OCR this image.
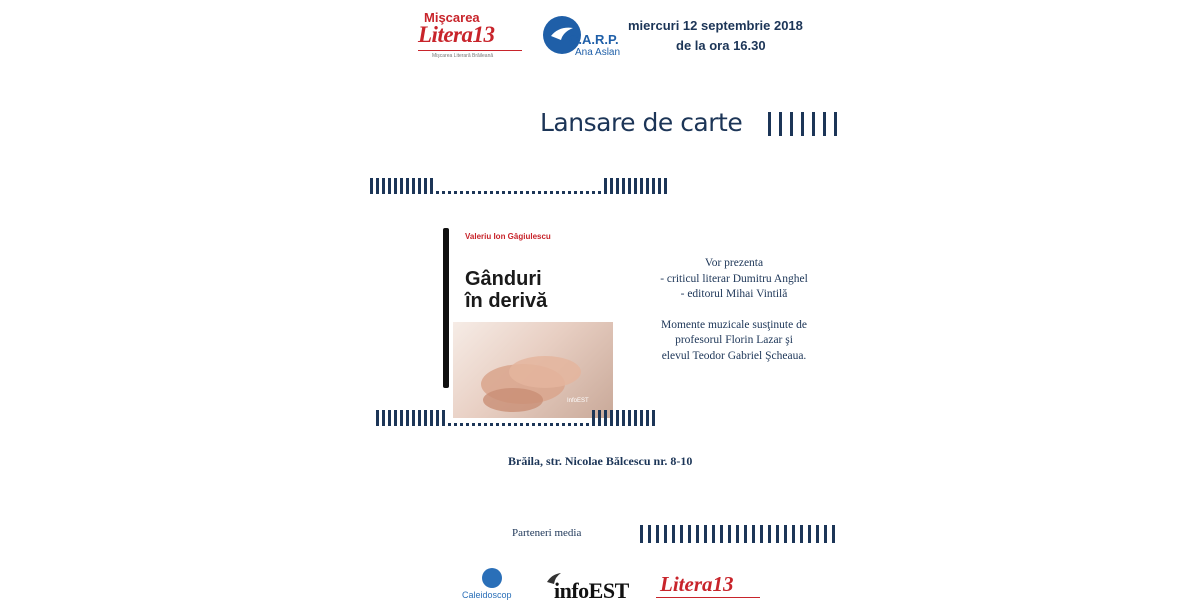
Mişcarea
Litera13
Mişcarea Literară Brăileană
C.A.R.P.
Ana Aslan
miercuri 12 septembrie 2018
de la ora 16.30
Lansare de carte
Valeriu Ion Gâgiulescu
Gânduri
în derivă
InfoEST
Vor prezenta
- criticul literar Dumitru Anghel
- editorul Mihai Vintilă
Momente muzicale susţinute de
profesorul Florin Lazar şi
elevul Teodor Gabriel Şcheaua.
Brăila, str. Nicolae Bălcescu nr. 8-10
Parteneri media
Caleidoscop infoEST Litera13
